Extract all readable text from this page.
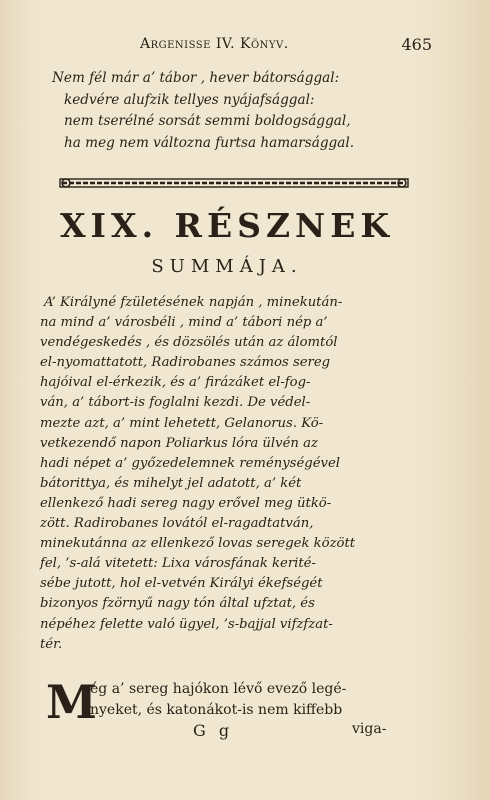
Argenisse IV. Könyv.	465
Nem fél már a’ tábor , hever bátorsággal:
kedvére alufzik tellyes nyájafsággal:
nem tserélné sorsát semmi boldogsággal,
ha meg nem változna furtsa hamarsággal.
XIX. RÉSZNEK
SUMMÁJA.
A’ Királyné fzületésének napján , minekután-
na mind a’ városbéli , mind a’ tábori nép a’
vendégeskedés , és dözsölés után az álomtól
el-nyomattatott, Radirobanes számos sereg
hajóival el-érkezik, és a’ firázáket el-fog-
ván, a’ tábort-is foglalni kezdi. De védel-
mezte azt, a’ mint lehetett, Gelanorus. Kö-
vetkezendő napon Poliarkus lóra ülvén az
hadi népet a’ győzedelemnek reménységével
bátorittya, és mihelyt jel adatott, a’ két
ellenkező hadi sereg nagy erővel meg ütkö-
zött. Radirobanes lovától el-ragadtatván,
minekutánna az ellenkező lovas seregek között
fel, ’s-alá vitetett: Lixa városfának kerité-
sébe jutott, hol el-vetvén Királyi ékefségét
bizonyos fzörnyű nagy tón által ufztat, és
népéhez felette való ügyel, ’s-bajjal vifzfzat-
tér.
M
ég a’ sereg hajókon lévő evező legé-
nyeket, és katonákot-is nem kiffebb
G g	viga-
